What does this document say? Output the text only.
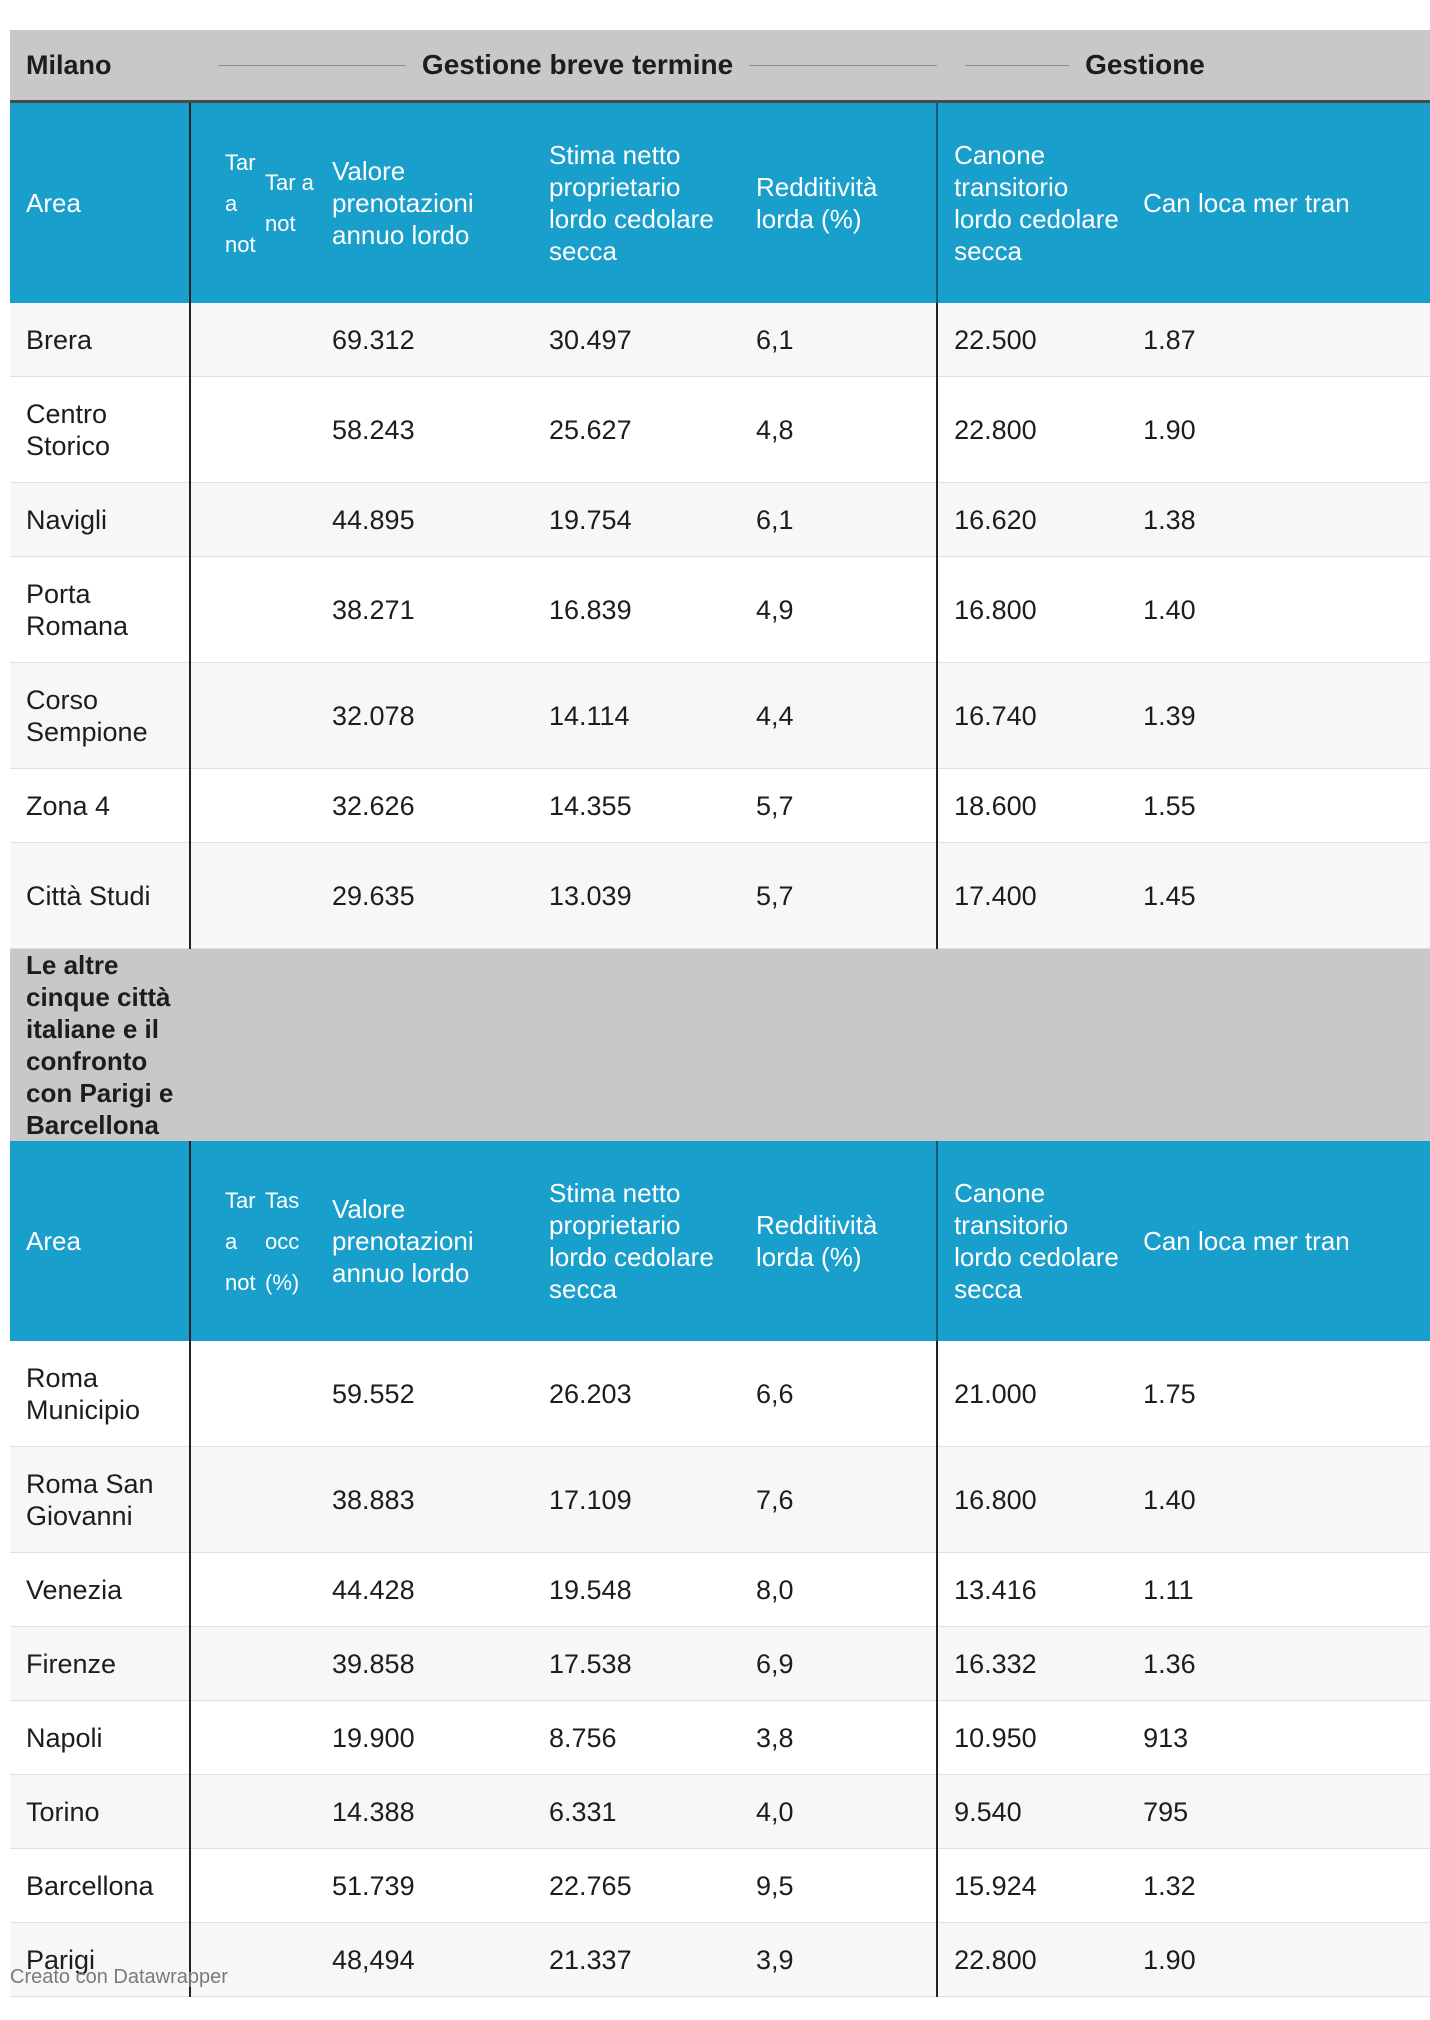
Milano	Gestione breve termine					Gestione	

Area	Tar a not	Tar a not	Valore prenotazioni annuo lordo	Stima netto proprietario lordo cedolare secca	Redditività lorda (%)	Canone transitorio lordo cedolare secca	Can loca mer tran
Brera			69.312	30.497	6,1	22.500	1.87
Centro Storico			58.243	25.627	4,8	22.800	1.90
Navigli			44.895	19.754	6,1	16.620	1.38
Porta Romana			38.271	16.839	4,9	16.800	1.40
Corso Sempione			32.078	14.114	4,4	16.740	1.39
Zona 4			32.626	14.355	5,7	18.600	1.55
Città Studi			29.635	13.039	5,7	17.400	1.45
Le altre cinque città italiane e il confronto con Parigi e Barcellona							
Area	Tar a not	Tas occ (%)	Valore prenotazioni annuo lordo	Stima netto proprietario lordo cedolare secca	Redditività lorda (%)	Canone transitorio lordo cedolare secca	Can loca mer tran
Roma Municipio			59.552	26.203	6,6	21.000	1.75
Roma San Giovanni			38.883	17.109	7,6	16.800	1.40
Venezia			44.428	19.548	8,0	13.416	1.11
Firenze			39.858	17.538	6,9	16.332	1.36
Napoli			19.900	8.756	3,8	10.950	913
Torino			14.388	6.331	4,0	9.540	795
Barcellona			51.739	22.765	9,5	15.924	1.32
Parigi			48,494	21.337	3,9	22.800	1.90
Creato con Datawrapper
